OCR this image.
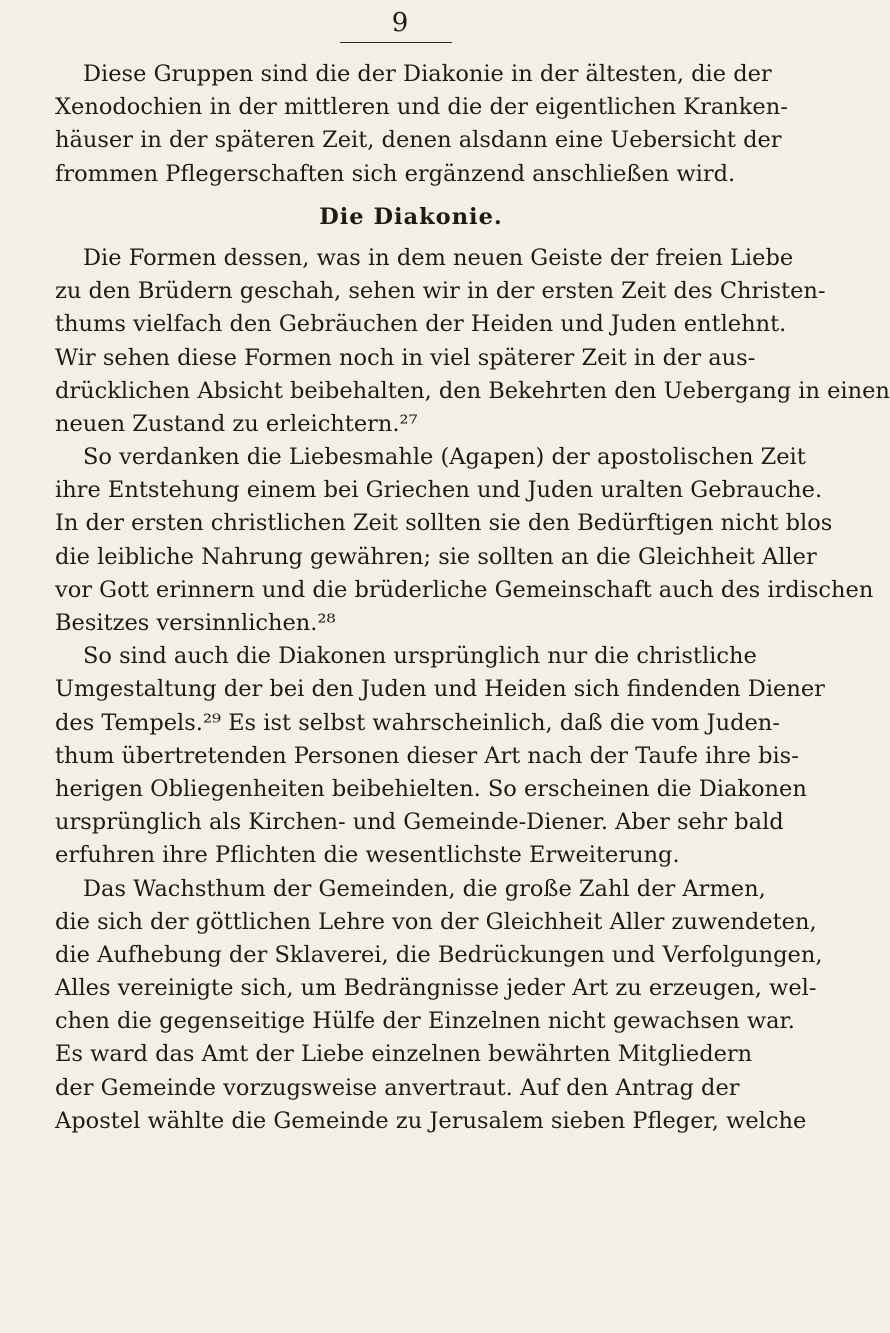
9
Diese Gruppen sind die der Diakonie in der ältesten, die der
Xenodochien in der mittleren und die der eigentlichen Kranken-
häuser in der späteren Zeit, denen alsdann eine Uebersicht der
frommen Pflegerschaften sich ergänzend anschließen wird.
Die Diakonie.
Die Formen dessen, was in dem neuen Geiste der freien Liebe
zu den Brüdern geschah, sehen wir in der ersten Zeit des Christen-
thums vielfach den Gebräuchen der Heiden und Juden entlehnt.
Wir sehen diese Formen noch in viel späterer Zeit in der aus-
drücklichen Absicht beibehalten, den Bekehrten den Uebergang in einen
neuen Zustand zu erleichtern.²⁷
So verdanken die Liebesmahle (Agapen) der apostolischen Zeit
ihre Entstehung einem bei Griechen und Juden uralten Gebrauche.
In der ersten christlichen Zeit sollten sie den Bedürftigen nicht blos
die leibliche Nahrung gewähren; sie sollten an die Gleichheit Aller
vor Gott erinnern und die brüderliche Gemeinschaft auch des irdischen
Besitzes versinnlichen.²⁸
So sind auch die Diakonen ursprünglich nur die christliche
Umgestaltung der bei den Juden und Heiden sich findenden Diener
des Tempels.²⁹ Es ist selbst wahrscheinlich, daß die vom Juden-
thum übertretenden Personen dieser Art nach der Taufe ihre bis-
herigen Obliegenheiten beibehielten. So erscheinen die Diakonen
ursprünglich als Kirchen- und Gemeinde-Diener. Aber sehr bald
erfuhren ihre Pflichten die wesentlichste Erweiterung.
Das Wachsthum der Gemeinden, die große Zahl der Armen,
die sich der göttlichen Lehre von der Gleichheit Aller zuwendeten,
die Aufhebung der Sklaverei, die Bedrückungen und Verfolgungen,
Alles vereinigte sich, um Bedrängnisse jeder Art zu erzeugen, wel-
chen die gegenseitige Hülfe der Einzelnen nicht gewachsen war.
Es ward das Amt der Liebe einzelnen bewährten Mitgliedern
der Gemeinde vorzugsweise anvertraut. Auf den Antrag der
Apostel wählte die Gemeinde zu Jerusalem sieben Pfleger, welche
